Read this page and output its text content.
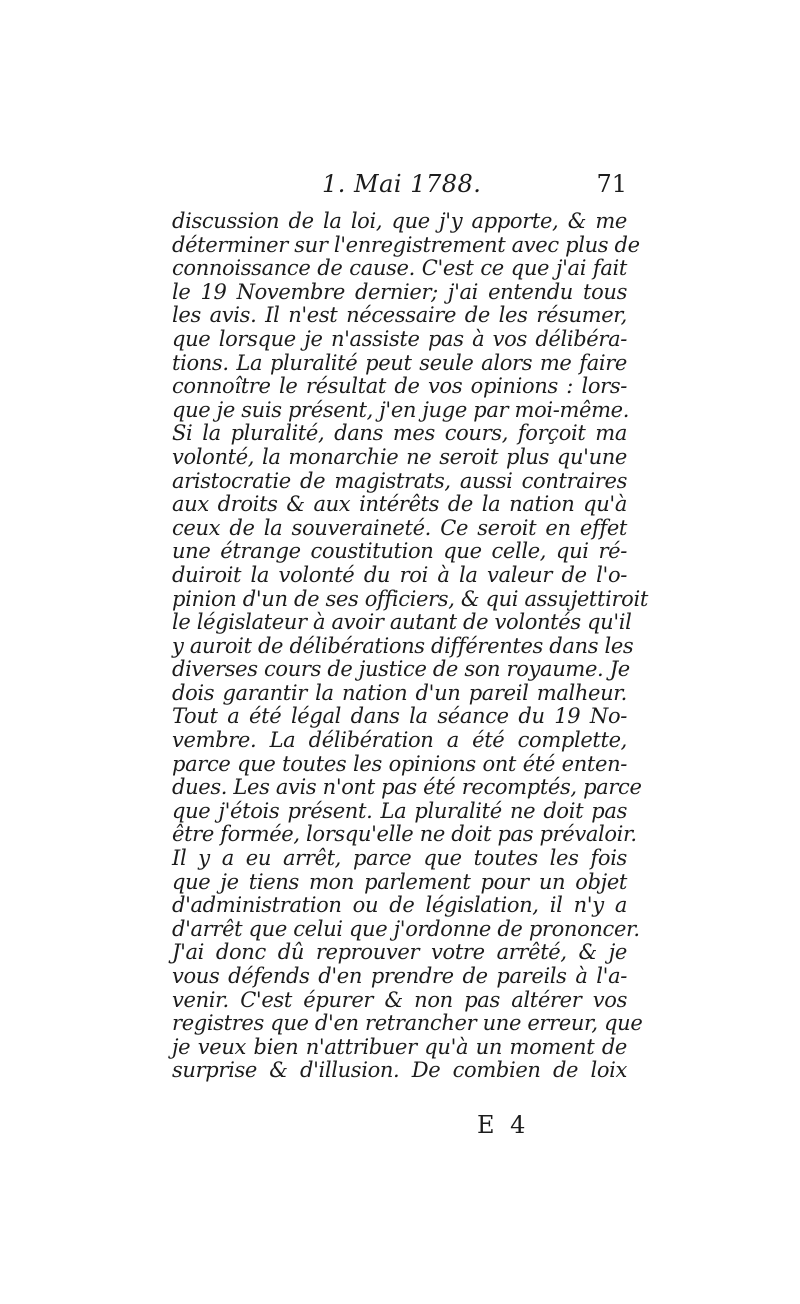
1. Mai 1788.	71
discussion de la loi, que j'y apporte, & me
déterminer sur l'enregistrement avec plus de
connoissance de cause. C'est ce que j'ai fait
le 19 Novembre dernier; j'ai entendu tous
les avis. Il n'est nécessaire de les résumer,
que lorsque je n'assiste pas à vos délibéra-
tions. La pluralité peut seule alors me faire
connoître le résultat de vos opinions : lors-
que je suis présent, j'en juge par moi-même.
Si la pluralité, dans mes cours, forçoit ma
volonté, la monarchie ne seroit plus qu'une
aristocratie de magistrats, aussi contraires
aux droits & aux intérêts de la nation qu'à
ceux de la souveraineté. Ce seroit en effet
une étrange coustitution que celle, qui ré-
duiroit la volonté du roi à la valeur de l'o-
pinion d'un de ses officiers, & qui assujettiroit
le législateur à avoir autant de volontés qu'il
y auroit de délibérations différentes dans les
diverses cours de justice de son royaume. Je
dois garantir la nation d'un pareil malheur.
Tout a été légal dans la séance du 19 No-
vembre. La délibération a été complette,
parce que toutes les opinions ont été enten-
dues. Les avis n'ont pas été recomptés, parce
que j'étois présent. La pluralité ne doit pas
être formée, lorsqu'elle ne doit pas prévaloir.
Il y a eu arrêt, parce que toutes les fois
que je tiens mon parlement pour un objet
d'administration ou de législation, il n'y a
d'arrêt que celui que j'ordonne de prononcer.
J'ai donc dû reprouver votre arrêté, & je
vous défends d'en prendre de pareils à l'a-
venir. C'est épurer & non pas altérer vos
registres que d'en retrancher une erreur, que
je veux bien n'attribuer qu'à un moment de
surprise & d'illusion. De combien de loix
E 4
